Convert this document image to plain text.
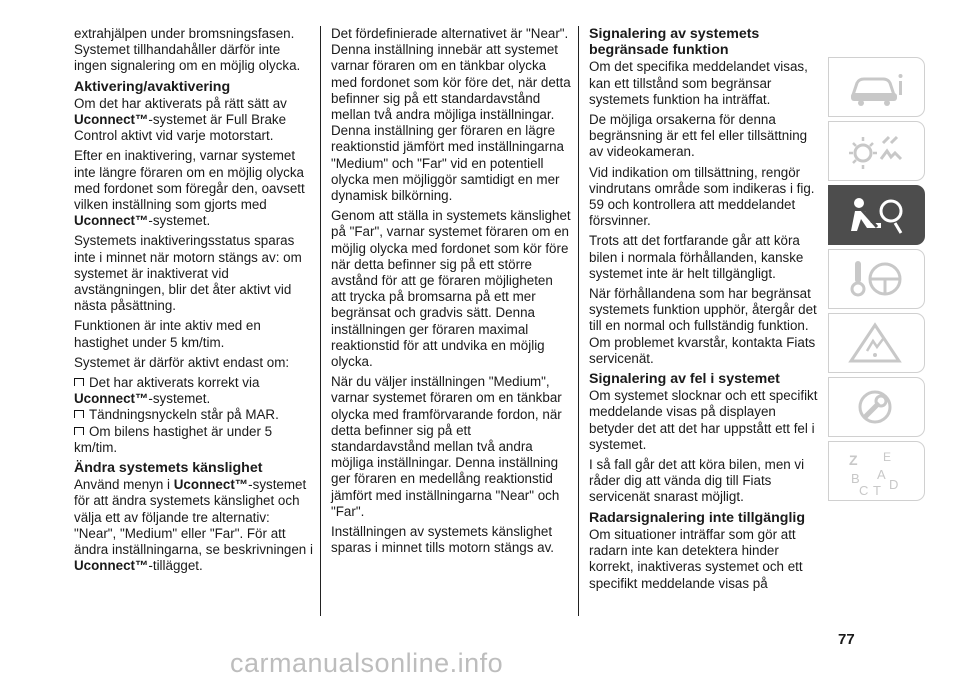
extrahjälpen under bromsningsfasen. Systemet tillhandahåller därför inte ingen signalering om en möjlig olycka.

Aktivering/avaktivering

Om det har aktiverats på rätt sätt av Uconnect™-systemet är Full Brake Control aktivt vid varje motorstart.

Efter en inaktivering, varnar systemet inte längre föraren om en möjlig olycka med fordonet som föregår den, oavsett vilken inställning som gjorts med Uconnect™-systemet.

Systemets inaktiveringsstatus sparas inte i minnet när motorn stängs av: om systemet är inaktiverat vid avstängningen, blir det åter aktivt vid nästa påsättning.

Funktionen är inte aktiv med en hastighet under 5 km/tim.

Systemet är därför aktivt endast om:

Det har aktiverats korrekt via
Uconnect™-systemet.
Tändningsnyckeln står på MAR.
Om bilens hastighet är under 5 km/tim.

Ändra systemets känslighet

Använd menyn i Uconnect™-systemet för att ändra systemets känslighet och välja ett av följande tre alternativ: "Near", "Medium" eller "Far". För att ändra inställningarna, se beskrivningen i Uconnect™-tillägget.

Det fördefinierade alternativet är "Near". Denna inställning innebär att systemet varnar föraren om en tänkbar olycka med fordonet som kör före det, när detta befinner sig på ett standardavstånd mellan två andra möjliga inställningar. Denna inställning ger föraren en lägre reaktionstid jämfört med inställningarna "Medium" och "Far" vid en potentiell olycka men möjliggör samtidigt en mer dynamisk bilkörning.

Genom att ställa in systemets känslighet på "Far", varnar systemet föraren om en möjlig olycka med fordonet som kör före när detta befinner sig på ett större avstånd för att ge föraren möjligheten att trycka på bromsarna på ett mer begränsat och gradvis sätt. Denna inställningen ger föraren maximal reaktionstid för att undvika en möjlig olycka.

När du väljer inställningen "Medium", varnar systemet föraren om en tänkbar olycka med framförvarande fordon, när detta befinner sig på ett standardavstånd mellan två andra möjliga inställningar. Denna inställning ger föraren en medellång reaktionstid jämfört med inställningarna "Near" och "Far".

Inställningen av systemets känslighet sparas i minnet tills motorn stängs av.

Signalering av systemets begränsade funktion

Om det specifika meddelandet visas, kan ett tillstånd som begränsar systemets funktion ha inträffat.

De möjliga orsakerna för denna begränsning är ett fel eller tillsättning av videokameran.

Vid indikation om tillsättning, rengör vindrutans område som indikeras i fig. 59 och kontrollera att meddelandet försvinner.

Trots att det fortfarande går att köra bilen i normala förhållanden, kanske systemet inte är helt tillgängligt.

När förhållandena som har begränsat systemets funktion upphör, återgår det till en normal och fullständig funktion. Om problemet kvarstår, kontakta Fiats servicenät.

Signalering av fel i systemet

Om systemet slocknar och ett specifikt meddelande visas på displayen betyder det att det har uppstått ett fel i systemet.

I så fall går det att köra bilen, men vi råder dig att vända dig till Fiats servicenät snarast möjligt.

Radarsignalering inte tillgänglig

Om situationer inträffar som gör att radarn inte kan detektera hinder korrekt, inaktiveras systemet och ett specifikt meddelande visas på

Z E
B A
C T D
77
carmanualsonline.info
